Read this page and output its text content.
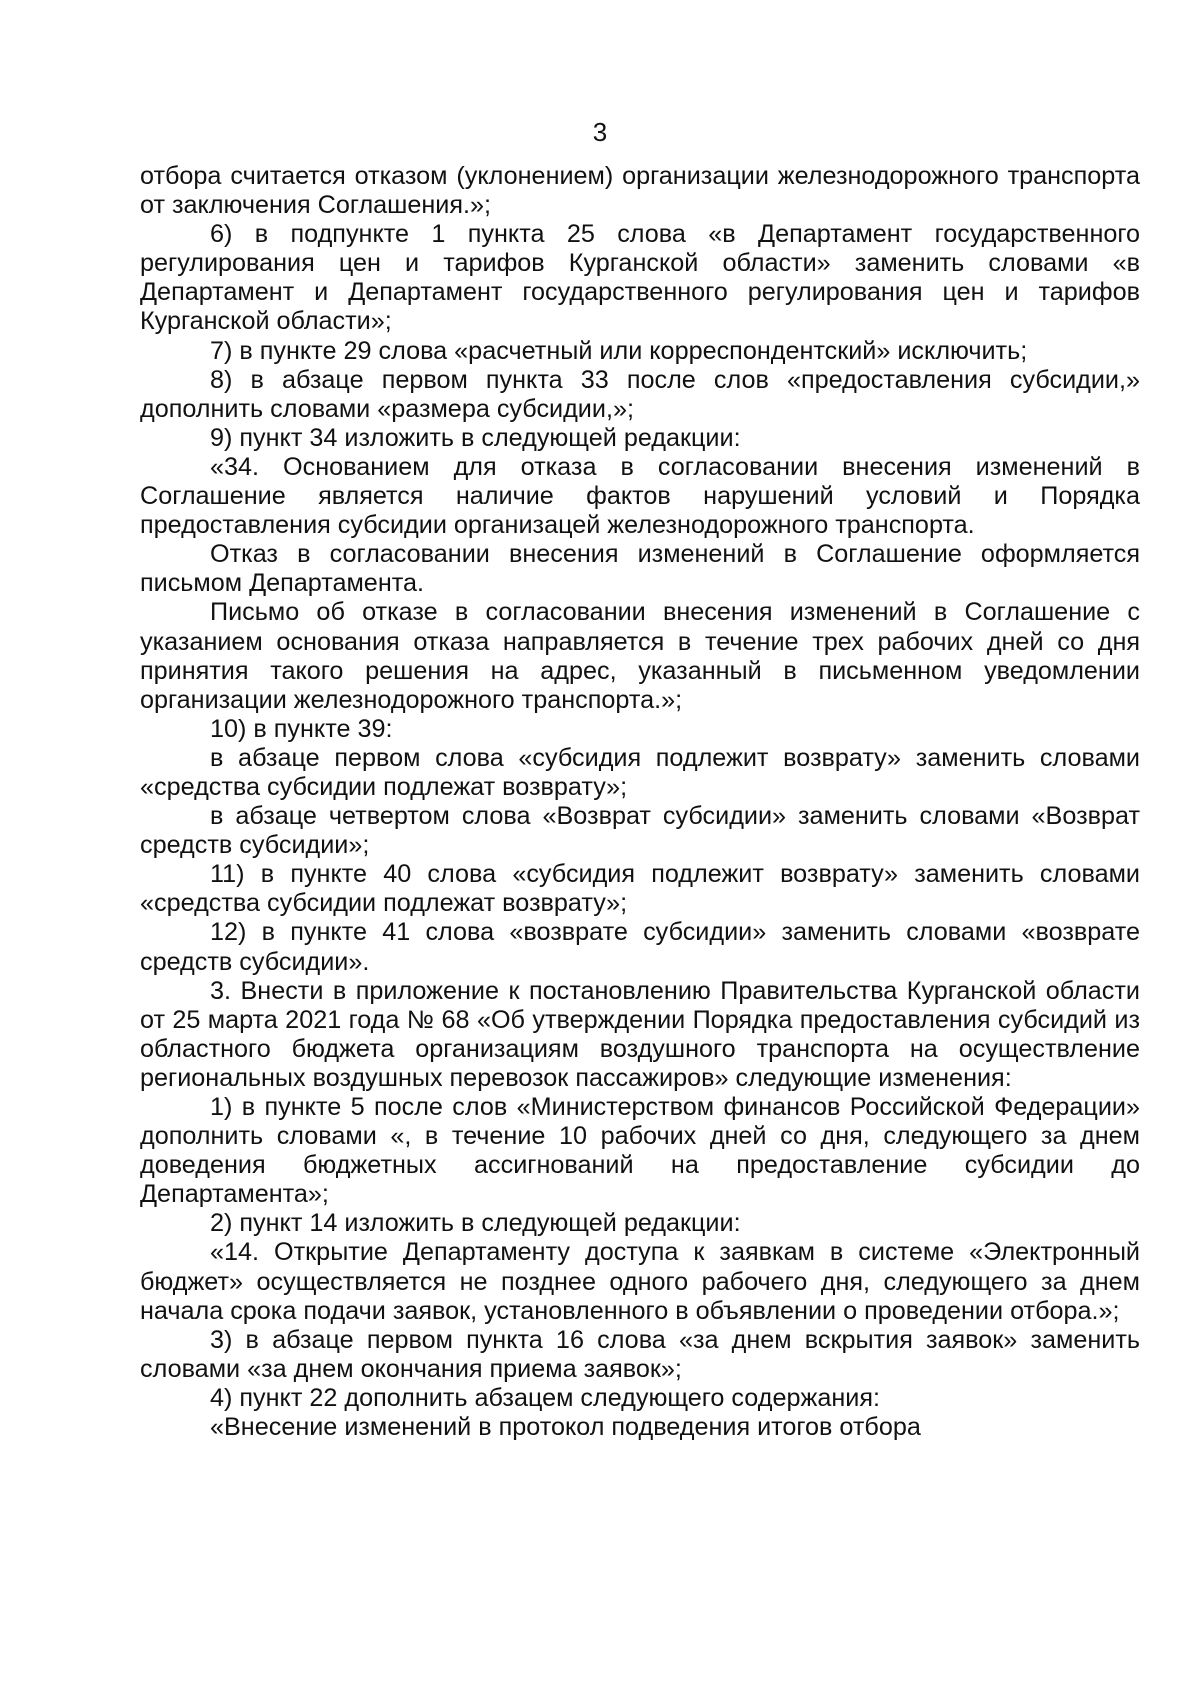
3

отбора считается отказом (уклонением) организации железнодорожного транспорта от заключения Соглашения.»;

6) в подпункте 1 пункта 25 слова «в Департамент государственного регулирования цен и тарифов Курганской области» заменить словами «в Департамент и Департамент государственного регулирования цен и тарифов Курганской области»;

7) в пункте 29 слова «расчетный или корреспондентский» исключить;

8) в абзаце первом пункта 33 после слов «предоставления субсидии,» дополнить словами «размера субсидии,»;

9) пункт 34 изложить в следующей редакции:

«34. Основанием для отказа в согласовании внесения изменений в Соглашение является наличие фактов нарушений условий и Порядка предоставления субсидии организацей железнодорожного транспорта.

Отказ в согласовании внесения изменений в Соглашение оформляется письмом Департамента.

Письмо об отказе в согласовании внесения изменений в Соглашение с указанием основания отказа направляется в течение трех рабочих дней со дня принятия такого решения на адрес, указанный в письменном уведомлении организации железнодорожного транспорта.»;

10) в пункте 39:

в абзаце первом слова «субсидия подлежит возврату» заменить словами «средства субсидии подлежат возврату»;

в абзаце четвертом слова «Возврат субсидии» заменить словами «Возврат средств субсидии»;

11) в пункте 40 слова «субсидия подлежит возврату» заменить словами «средства субсидии подлежат возврату»;

12) в пункте 41 слова «возврате субсидии» заменить словами «возврате средств субсидии».

3. Внести в приложение к постановлению Правительства Курганской области от 25 марта 2021 года № 68 «Об утверждении Порядка предоставления субсидий из областного бюджета организациям воздушного транспорта на осуществление региональных воздушных перевозок пассажиров» следующие изменения:

1) в пункте 5 после слов «Министерством финансов Российской Федерации» дополнить словами «, в течение 10 рабочих дней со дня, следующего за днем доведения бюджетных ассигнований на предоставление субсидии до Департамента»;

2) пункт 14 изложить в следующей редакции:

«14. Открытие Департаменту доступа к заявкам в системе «Электронный бюджет» осуществляется не позднее одного рабочего дня, следующего за днем начала срока подачи заявок, установленного в объявлении о проведении отбора.»;

3) в абзаце первом пункта 16 слова «за днем вскрытия заявок» заменить словами «за днем окончания приема заявок»;

4) пункт 22 дополнить абзацем следующего содержания:

«Внесение изменений в протокол подведения итогов отбора
